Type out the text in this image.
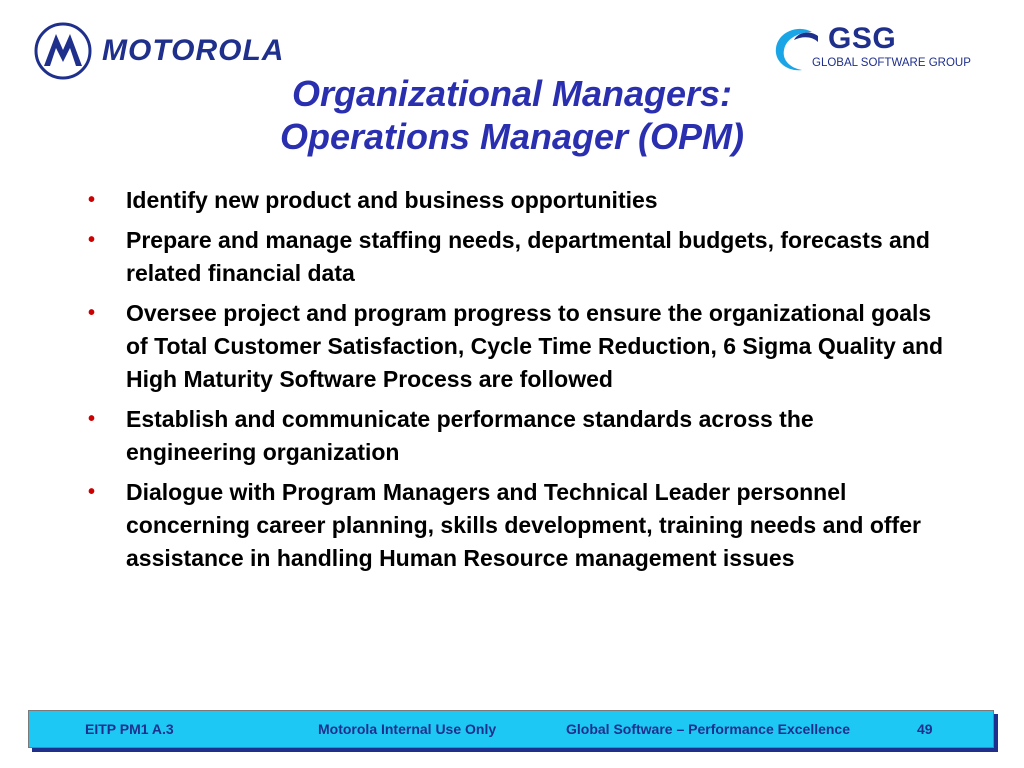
MOTOROLA	GSG
GLOBAL SOFTWARE GROUP
Organizational Managers:
Operations Manager (OPM)
• Identify new product and business opportunities
• Prepare and manage staffing needs, departmental budgets, forecasts and related financial data
• Oversee project and program progress to ensure the organizational goals of Total Customer Satisfaction, Cycle Time Reduction, 6 Sigma Quality and High Maturity Software Process are followed
• Establish and communicate performance standards across the engineering organization
• Dialogue with Program Managers and Technical Leader personnel concerning career planning, skills development, training needs and offer assistance in handling Human Resource management issues
EITP PM1 A.3	Motorola Internal Use Only	Global Software – Performance Excellence	49
